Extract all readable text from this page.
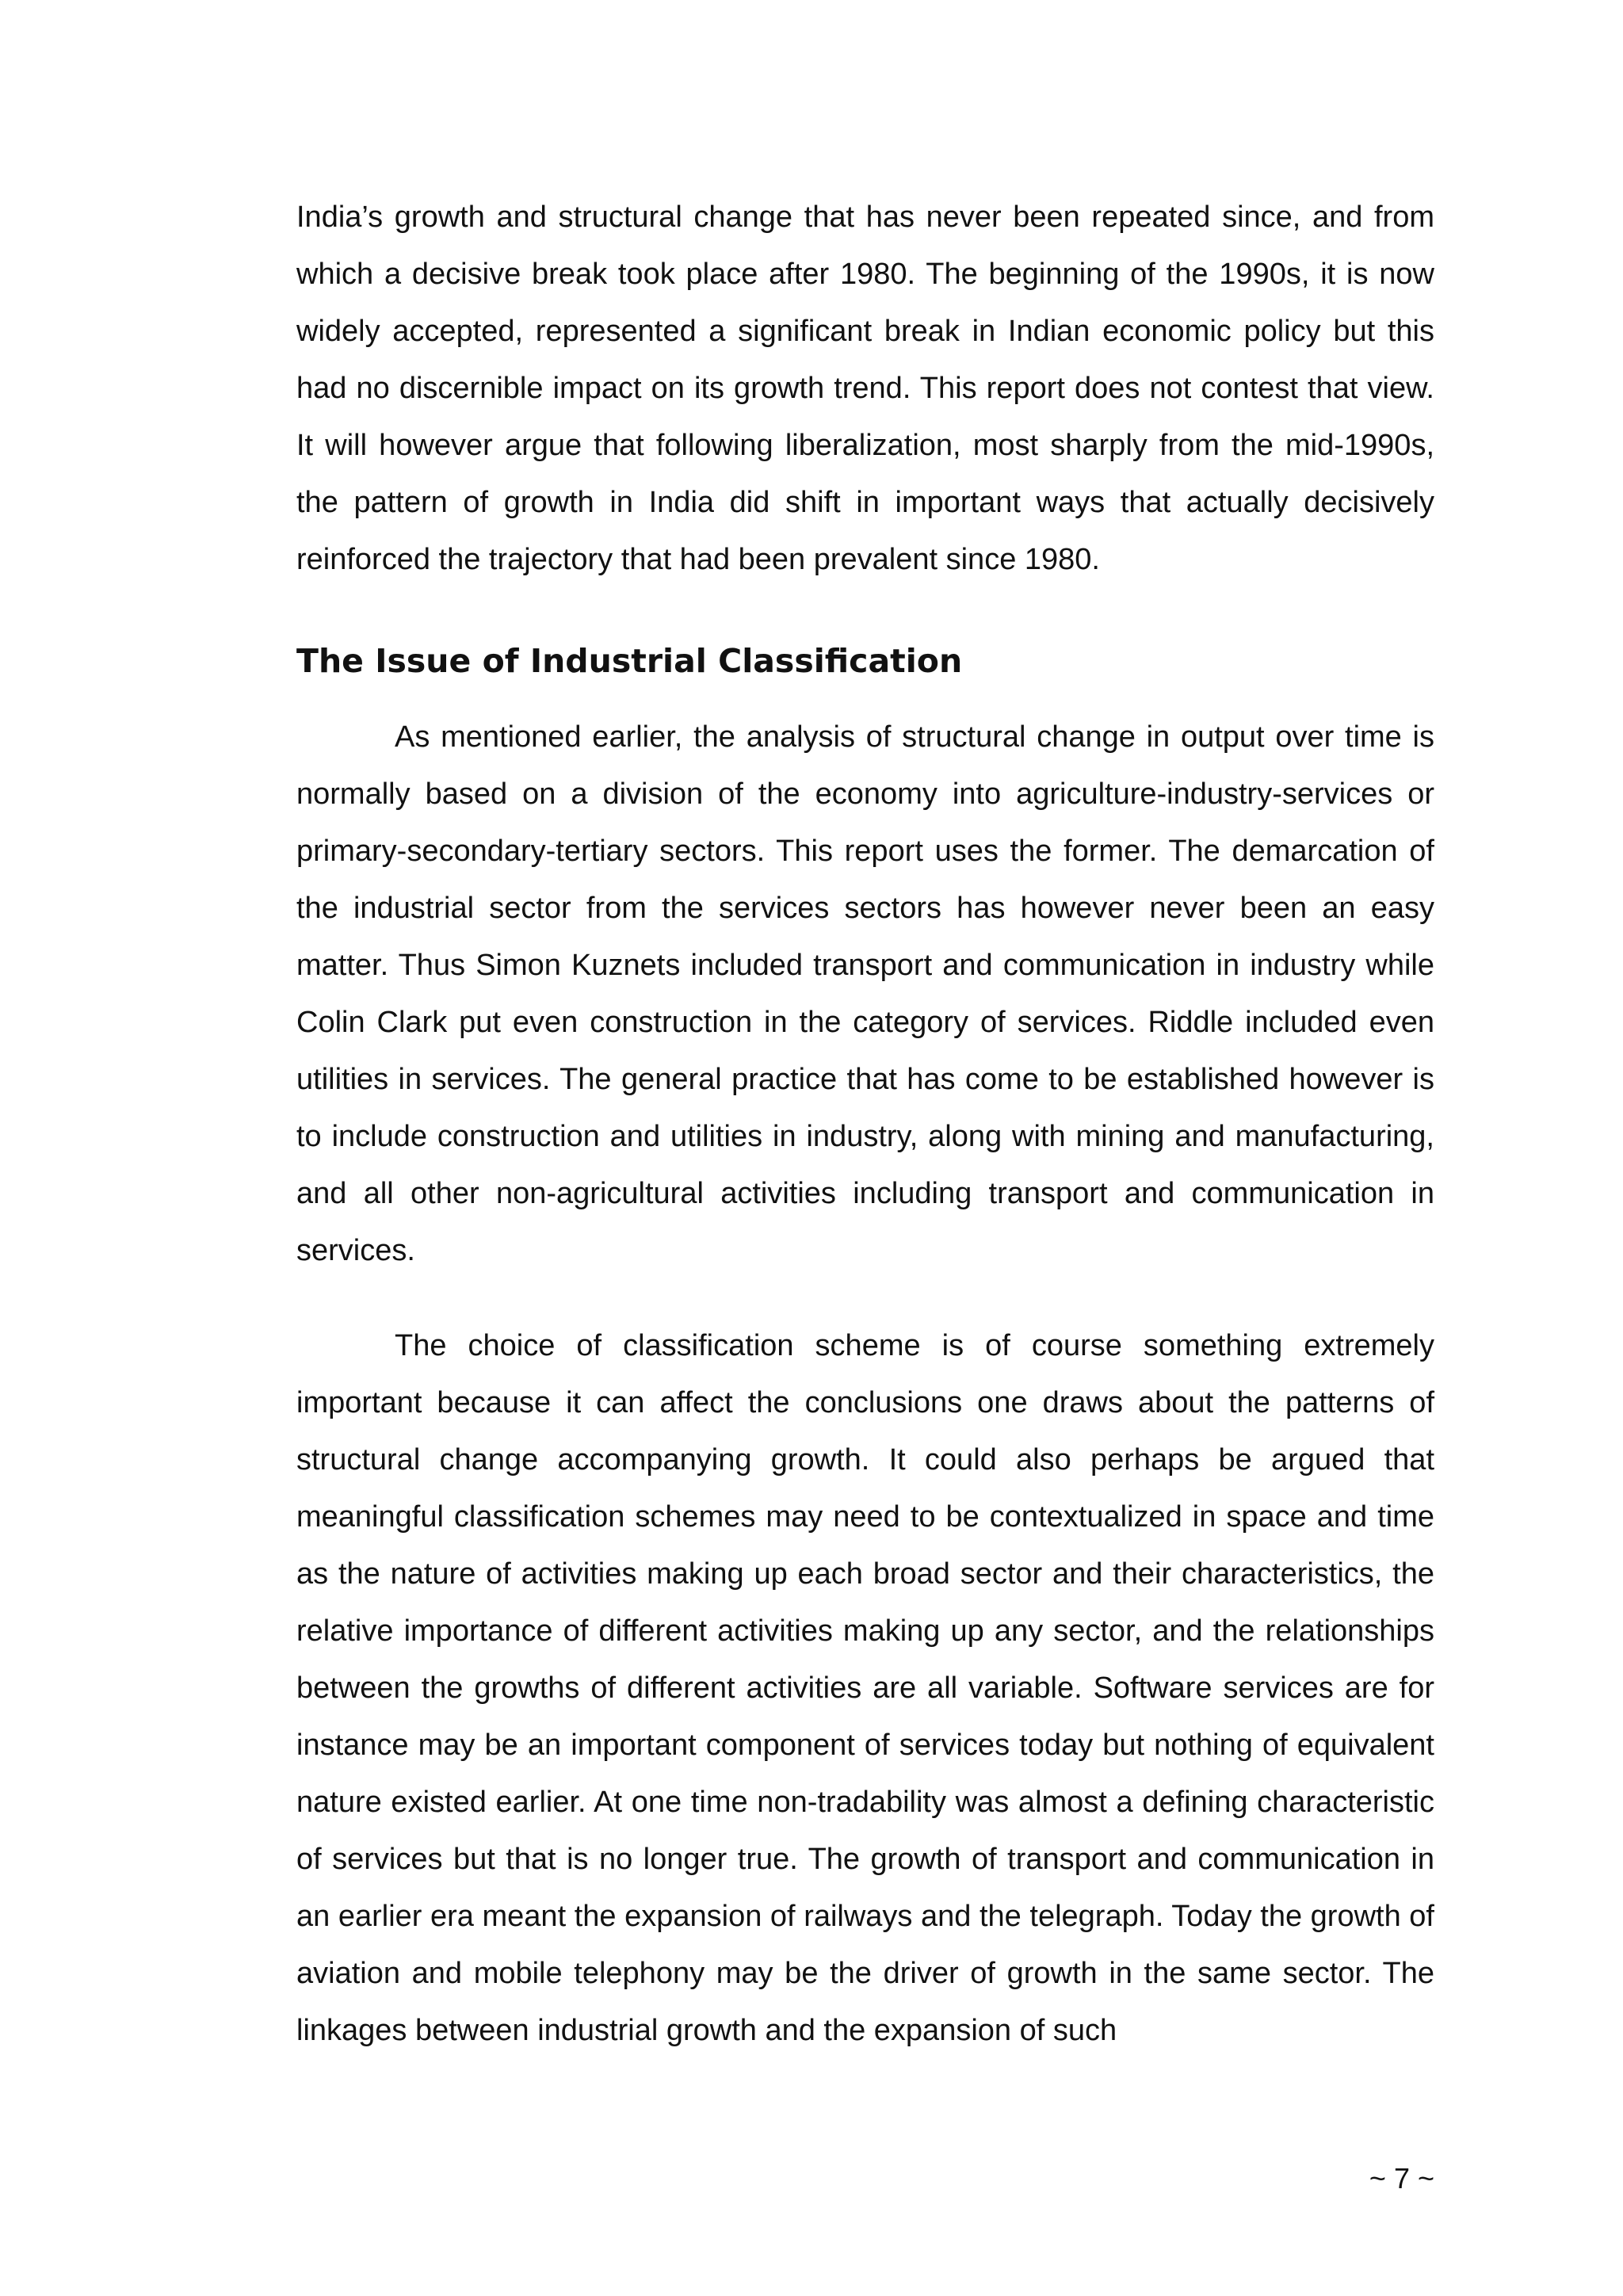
India’s growth and structural change that has never been repeated since, and from which a decisive break took place after 1980. The beginning of the 1990s, it is now widely accepted, represented a significant break in Indian economic policy but this had no discernible impact on its growth trend. This report does not contest that view. It will however argue that following liberalization, most sharply from the mid-1990s, the pattern of growth in India did shift in important ways that actually decisively reinforced the trajectory that had been prevalent since 1980.

The Issue of Industrial Classification

As mentioned earlier, the analysis of structural change in output over time is normally based on a division of the economy into agriculture-industry-services or primary-secondary-tertiary sectors. This report uses the former. The demarcation of the industrial sector from the services sectors has however never been an easy matter. Thus Simon Kuznets included transport and communication in industry while Colin Clark put even construction in the category of services. Riddle included even utilities in services. The general practice that has come to be established however is to include construction and utilities in industry, along with mining and manufacturing, and all other non-agricultural activities including transport and communication in services.

The choice of classification scheme is of course something extremely important because it can affect the conclusions one draws about the patterns of structural change accompanying growth. It could also perhaps be argued that meaningful classification schemes may need to be contextualized in space and time as the nature of activities making up each broad sector and their characteristics, the relative importance of different activities making up any sector, and the relationships between the growths of different activities are all variable. Software services are for instance may be an important component of services today but nothing of equivalent nature existed earlier. At one time non-tradability was almost a defining characteristic of services but that is no longer true. The growth of transport and communication in an earlier era meant the expansion of railways and the telegraph. Today the growth of aviation and mobile telephony may be the driver of growth in the same sector. The linkages between industrial growth and the expansion of such

~ 7 ~
